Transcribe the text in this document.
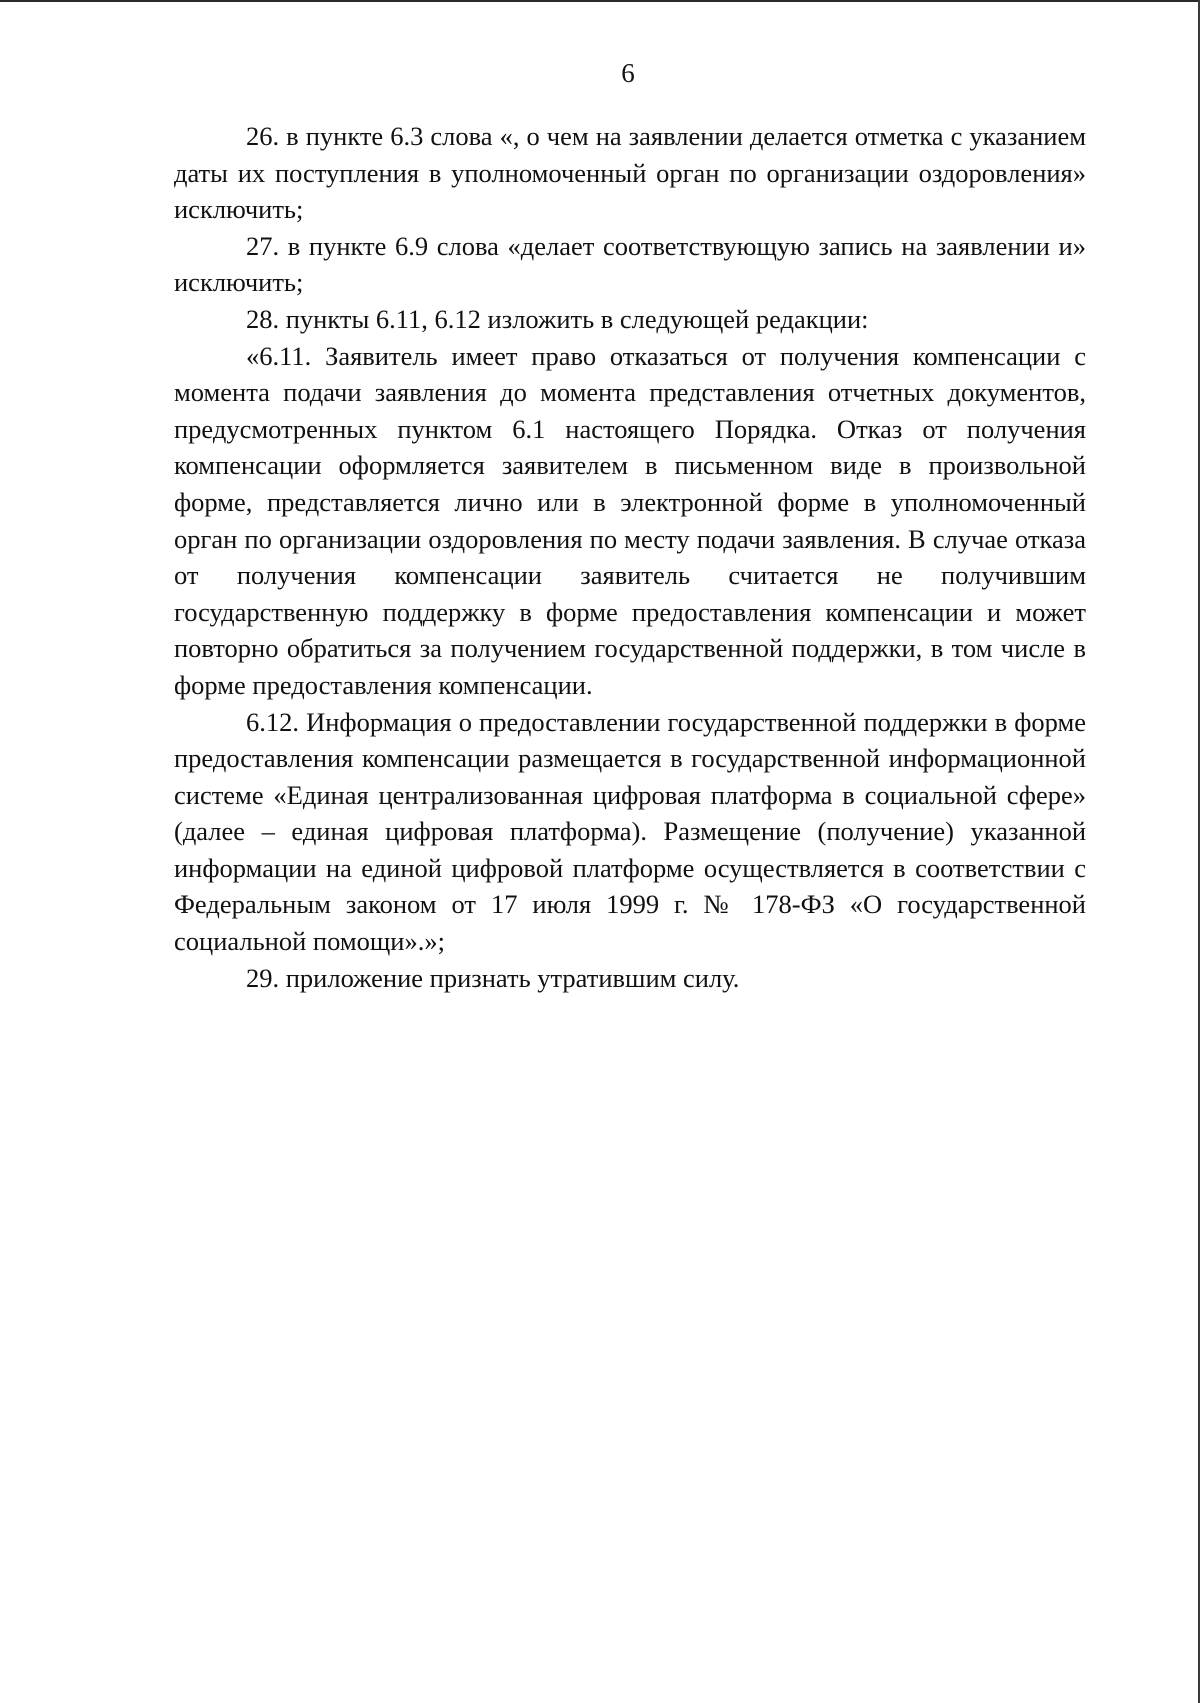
6

26. в пункте 6.3 слова «, о чем на заявлении делается отметка с указанием даты их поступления в уполномоченный орган по организации оздоровления» исключить;

27. в пункте 6.9 слова «делает соответствующую запись на заявлении и» исключить;

28. пункты 6.11, 6.12 изложить в следующей редакции:

«6.11. Заявитель имеет право отказаться от получения компенсации с момента подачи заявления до момента представления отчетных документов, предусмотренных пунктом 6.1 настоящего Порядка. Отказ от получения компенсации оформляется заявителем в письменном виде в произвольной форме, представляется лично или в электронной форме в уполномоченный орган по организации оздоровления по месту подачи заявления. В случае отказа от получения компенсации заявитель считается не получившим государственную поддержку в форме предоставления компенсации и может повторно обратиться за получением государственной поддержки, в том числе в форме предоставления компенсации.

6.12. Информация о предоставлении государственной поддержки в форме предоставления компенсации размещается в государственной информационной системе «Единая централизованная цифровая платформа в социальной сфере» (далее – единая цифровая платформа). Размещение (получение) указанной информации на единой цифровой платформе осуществляется в соответствии с Федеральным законом от 17 июля 1999 г. № 178-ФЗ «О государственной социальной помощи».»;

29. приложение признать утратившим силу.
